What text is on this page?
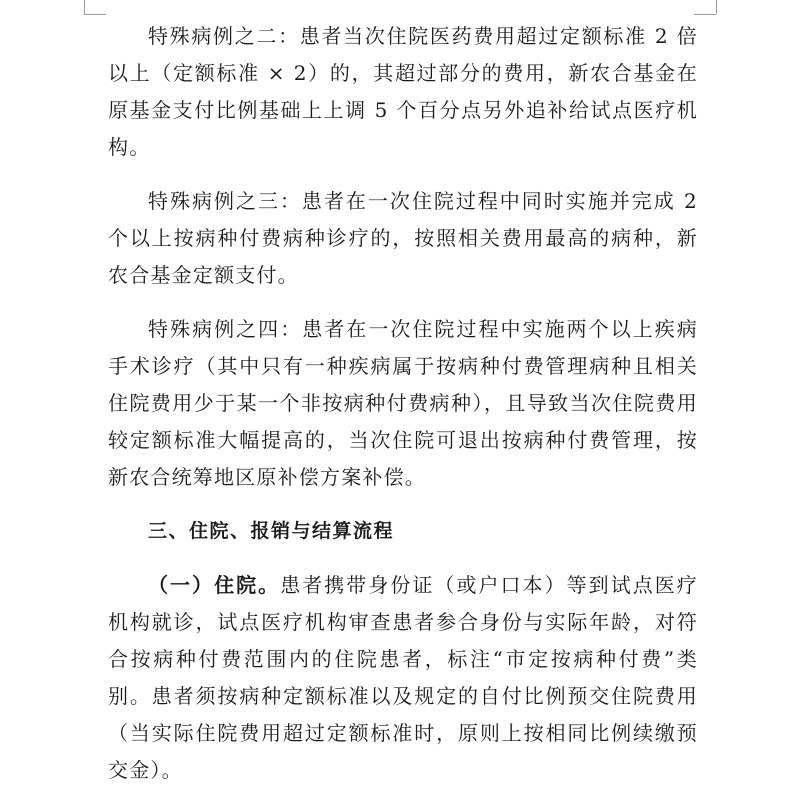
特殊病例之二：患者当次住院医药费用超过定额标准 2 倍以上（定额标准 × 2）的，其超过部分的费用，新农合基金在原基金支付比例基础上上调 5 个百分点另外追补给试点医疗机构。

特殊病例之三：患者在一次住院过程中同时实施并完成 2 个以上按病种付费病种诊疗的，按照相关费用最高的病种，新农合基金定额支付。

特殊病例之四：患者在一次住院过程中实施两个以上疾病手术诊疗（其中只有一种疾病属于按病种付费管理病种且相关住院费用少于某一个非按病种付费病种），且导致当次住院费用较定额标准大幅提高的，当次住院可退出按病种付费管理，按新农合统筹地区原补偿方案补偿。

三、住院、报销与结算流程

（一）住院。患者携带身份证（或户口本）等到试点医疗机构就诊，试点医疗机构审查患者参合身份与实际年龄，对符合按病种付费范围内的住院患者，标注“市定按病种付费”类别。患者须按病种定额标准以及规定的自付比例预交住院费用（当实际住院费用超过定额标准时，原则上按相同比例续缴预交金）。
